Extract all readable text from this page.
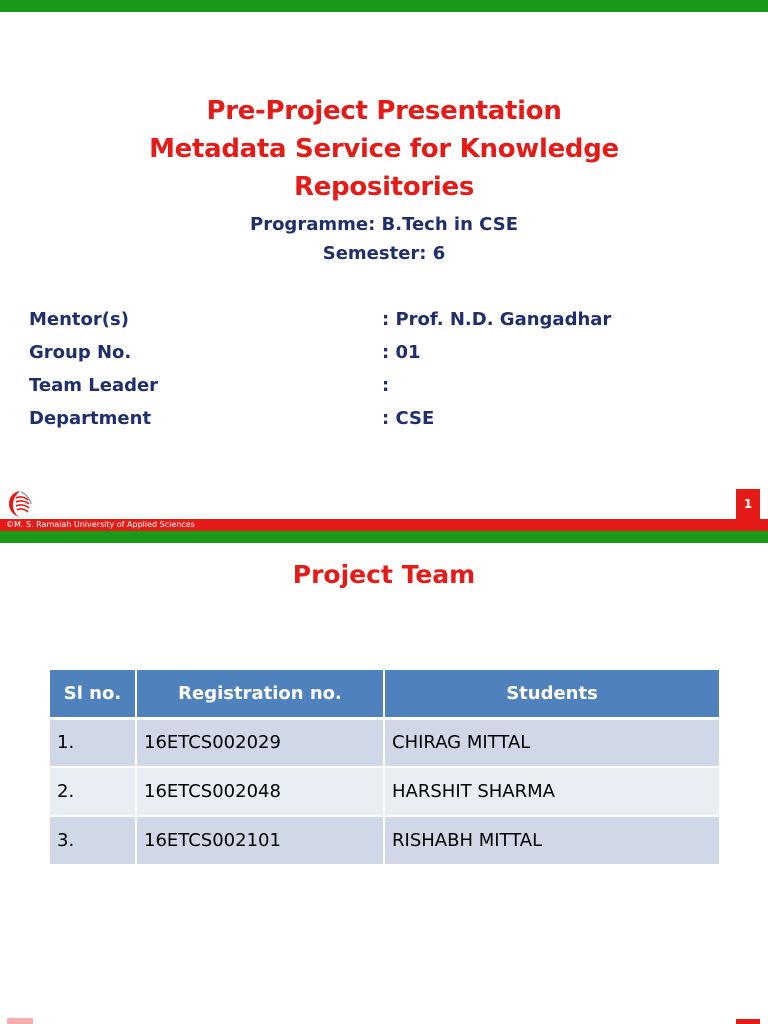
Pre-Project Presentation
Metadata Service for Knowledge
Repositories
Programme: B.Tech in CSE
Semester: 6
Mentor(s)	: Prof. N.D. Gangadhar
Group No.	: 01
Team Leader	:
Department	: CSE
1
©M. S. Ramaiah University of Applied Sciences
Project Team
Sl no.	Registration no.	Students
1.	16ETCS002029	CHIRAG MITTAL
2.	16ETCS002048	HARSHIT SHARMA
3.	16ETCS002101	RISHABH MITTAL
